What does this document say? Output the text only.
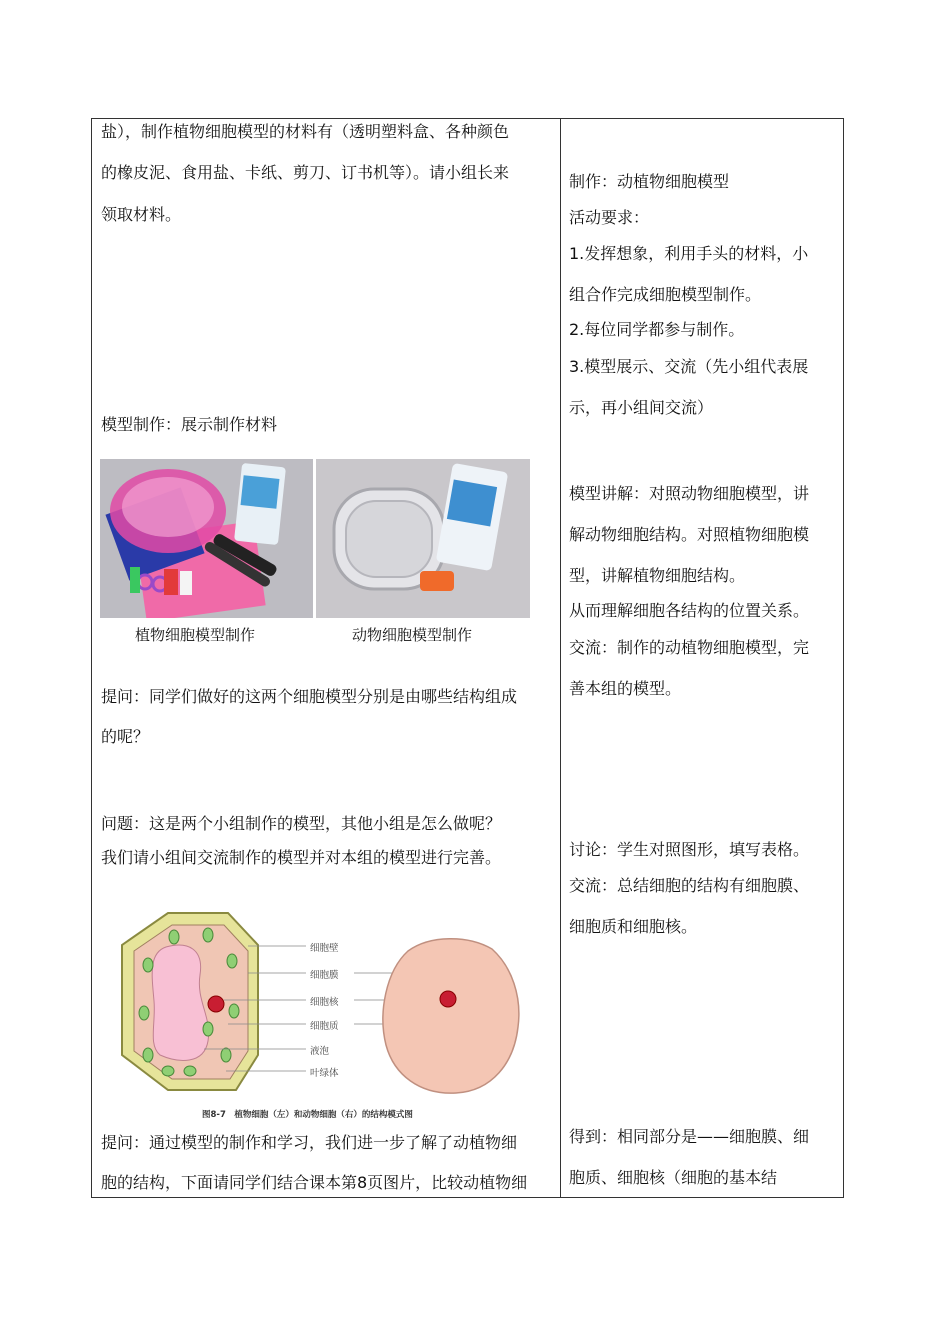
盐），制作植物细胞模型的材料有（透明塑料盒、各种颜色
的橡皮泥、食用盐、卡纸、剪刀、订书机等）。请小组长来
领取材料。
模型制作：展示制作材料
植物细胞模型制作	动物细胞模型制作
提问：同学们做好的这两个细胞模型分别是由哪些结构组成
的呢？
问题：这是两个小组制作的模型，其他小组是怎么做呢？
我们请小组间交流制作的模型并对本组的模型进行完善。
细胞壁
细胞膜
细胞核
细胞质
液泡
叶绿体
图8-7　植物细胞（左）和动物细胞（右）的结构模式图
提问：通过模型的制作和学习，我们进一步了解了动植物细
胞的结构，下面请同学们结合课本第8页图片，比较动植物细
制作：动植物细胞模型
活动要求：
1.发挥想象，利用手头的材料，小
组合作完成细胞模型制作。
2.每位同学都参与制作。
3.模型展示、交流（先小组代表展
示，再小组间交流）
模型讲解：对照动物细胞模型，讲
解动物细胞结构。对照植物细胞模
型，讲解植物细胞结构。
从而理解细胞各结构的位置关系。
交流：制作的动植物细胞模型，完
善本组的模型。
讨论：学生对照图形，填写表格。
交流：总结细胞的结构有细胞膜、
细胞质和细胞核。
得到：相同部分是——细胞膜、细
胞质、细胞核（细胞的基本结
